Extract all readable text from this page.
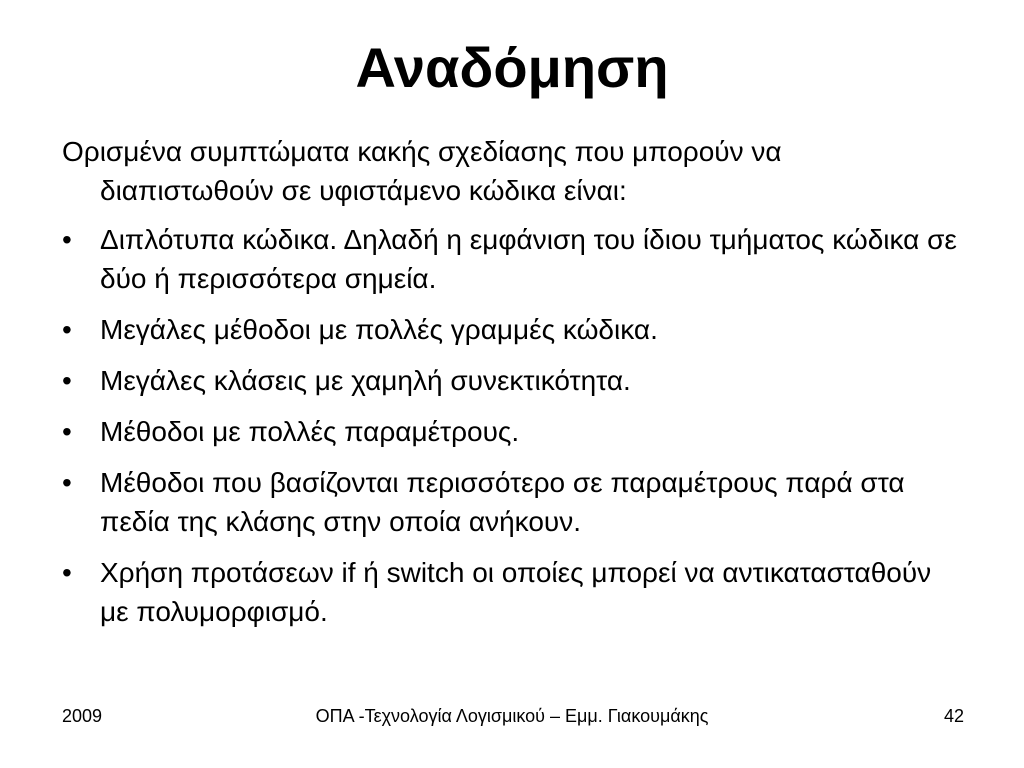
Αναδόμηση

Ορισμένα συμπτώματα κακής σχεδίασης που μπορούν να διαπιστωθούν σε υφιστάμενο κώδικα είναι:

• Διπλότυπα κώδικα. Δηλαδή η εμφάνιση του ίδιου τμήματος κώδικα σε δύο ή περισσότερα σημεία.
• Μεγάλες μέθοδοι με πολλές γραμμές κώδικα.
• Μεγάλες κλάσεις με χαμηλή συνεκτικότητα.
• Μέθοδοι με πολλές παραμέτρους.
• Μέθοδοι που βασίζονται περισσότερο σε παραμέτρους παρά στα πεδία της κλάσης στην οποία ανήκουν.
• Χρήση προτάσεων if ή switch οι οποίες μπορεί να αντικατασταθούν με πολυμορφισμό.
ΟΠΑ -Τεχνολογία Λογισμικού – Εμμ. Γιακουμάκης
2009	42
